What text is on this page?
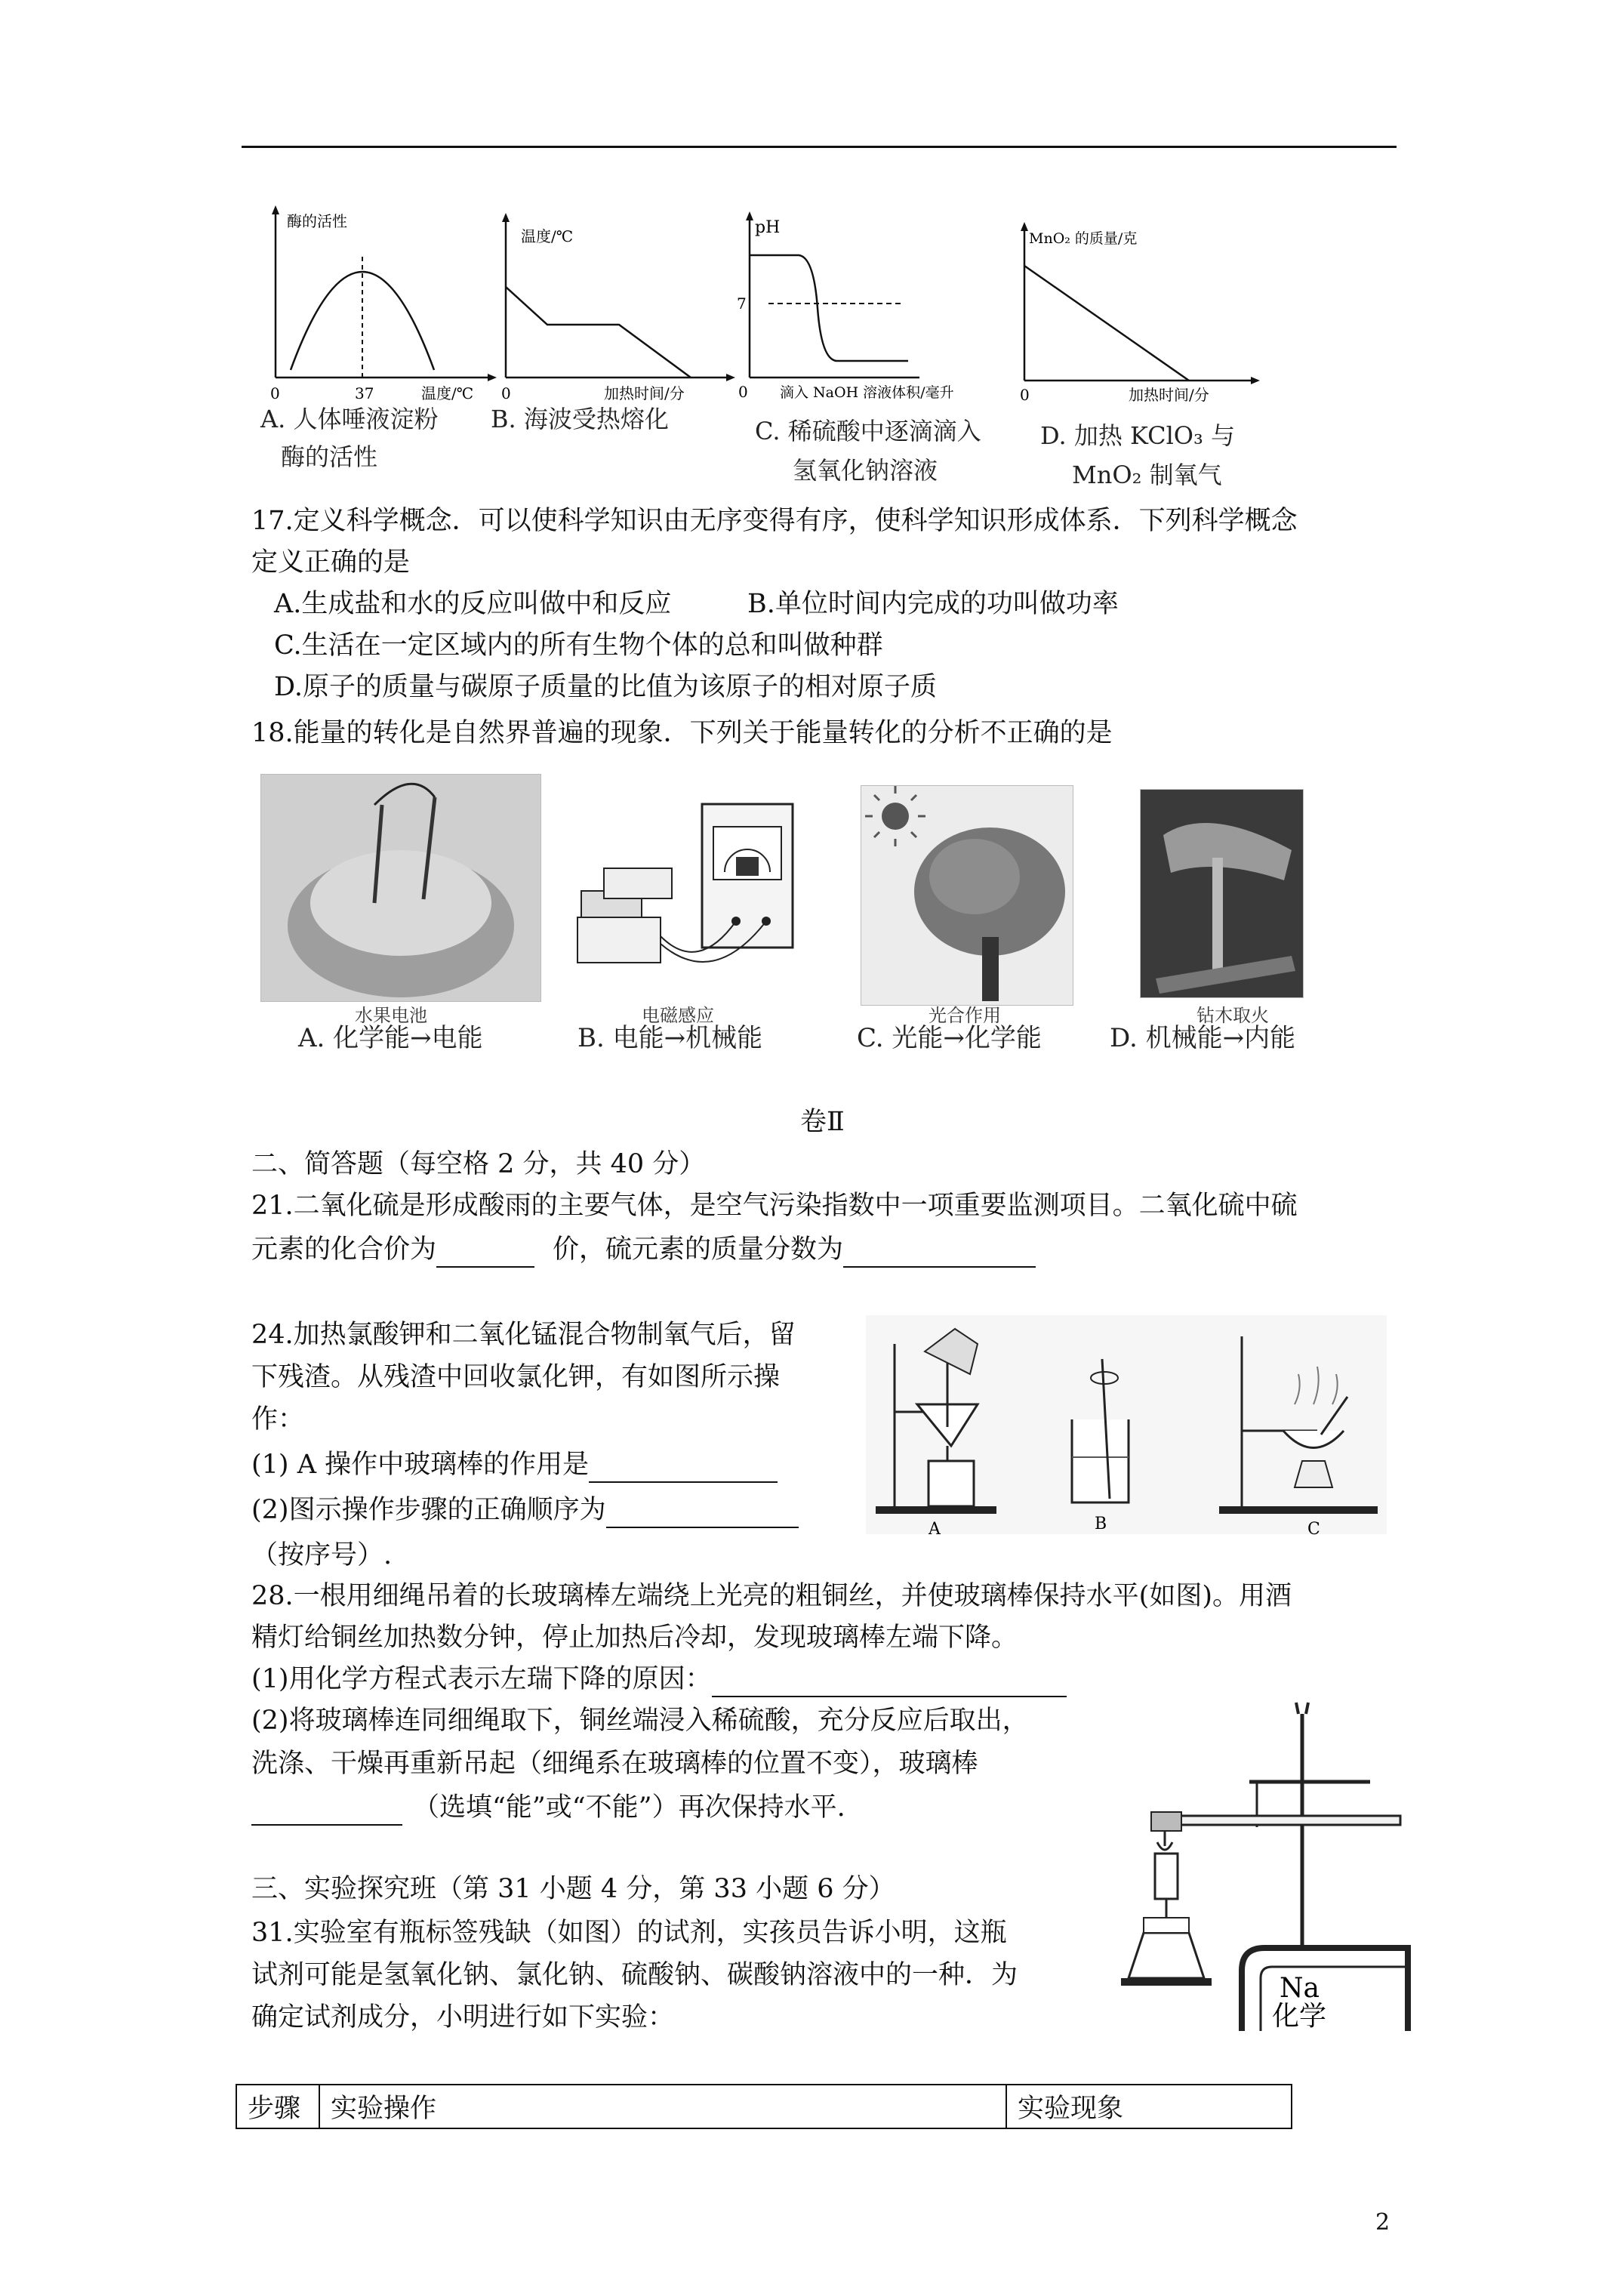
酶的活性
0	37	温度/℃
A. 人体唾液淀粉
酶的活性
温度/℃
0	加热时间/分
B. 海波受热熔化
pH
7
0 滴入 NaOH 溶液体积/毫升
C. 稀硫酸中逐滴滴入
氢氧化钠溶液
MnO₂ 的质量/克
0	加热时间/分
D. 加热 KClO₃ 与
MnO₂ 制氧气
17.定义科学概念．可以使科学知识由无序变得有序，使科学知识形成体系．下列科学概念
定义正确的是
A.生成盐和水的反应叫做中和反应	B.单位时间内完成的功叫做功率
C.生活在一定区域内的所有生物个体的总和叫做种群
D.原子的质量与碳原子质量的比值为该原子的相对原子质
18.能量的转化是自然界普遍的现象．下列关于能量转化的分析不正确的是
水果电池
A. 化学能→电能
电磁感应
B. 电能→机械能
光合作用
C. 光能→化学能
钻木取火
D. 机械能→内能
卷Ⅱ
二、简答题（每空格 2 分，共 40 分）
21.二氧化硫是形成酸雨的主要气体，是空气污染指数中一项重要监测项目。二氧化硫中硫
元素的化合价为	价，硫元素的质量分数为
24.加热氯酸钾和二氧化锰混合物制氧气后，留
下残渣。从残渣中回收氯化钾，有如图所示操
作：
(1) A 操作中玻璃棒的作用是
(2)图示操作步骤的正确顺序为
（按序号）.
A	B	C
28.一根用细绳吊着的长玻璃棒左端绕上光亮的粗铜丝，并使玻璃棒保持水平(如图)。用酒
精灯给铜丝加热数分钟，停止加热后冷却，发现玻璃棒左端下降。
(1)用化学方程式表示左瑞下降的原因：
(2)将玻璃棒连同细绳取下，铜丝端浸入稀硫酸，充分反应后取出，
洗涤、干燥再重新吊起（细绳系在玻璃棒的位置不变），玻璃棒
（选填“能”或“不能”）再次保持水平.
Na
化学
三、实验探究班（第 31 小题 4 分，第 33 小题 6 分）
31.实验室有瓶标签残缺（如图）的试剂，实孩员告诉小明，这瓶
试剂可能是氢氧化钠、氯化钠、硫酸钠、碳酸钠溶液中的一种．为
确定试剂成分，小明进行如下实验：
步骤	实验操作	实验现象
2
